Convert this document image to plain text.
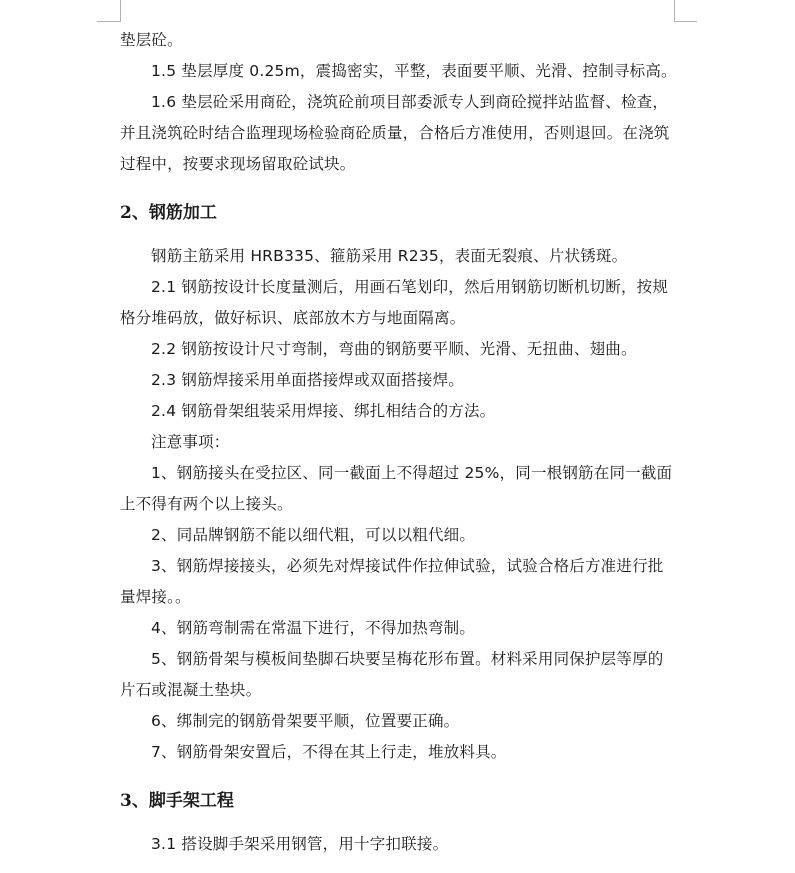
垫层砼。
1.5 垫层厚度 0.25m，震捣密实，平整，表面要平顺、光滑、控制寻标高。
1.6 垫层砼采用商砼，浇筑砼前项目部委派专人到商砼搅拌站监督、检查，
并且浇筑砼时结合监理现场检验商砼质量，合格后方准使用，否则退回。在浇筑
过程中，按要求现场留取砼试块。
2、钢筋加工
钢筋主筋采用 HRB335、箍筋采用 R235，表面无裂痕、片状锈斑。
2.1 钢筋按设计长度量测后，用画石笔划印，然后用钢筋切断机切断，按规
格分堆码放，做好标识、底部放木方与地面隔离。
2.2 钢筋按设计尺寸弯制，弯曲的钢筋要平顺、光滑、无扭曲、翅曲。
2.3 钢筋焊接采用单面搭接焊或双面搭接焊。
2.4 钢筋骨架组装采用焊接、绑扎相结合的方法。
注意事项：
1、钢筋接头在受拉区、同一截面上不得超过 25%，同一根钢筋在同一截面
上不得有两个以上接头。
2、同品牌钢筋不能以细代粗，可以以粗代细。
3、钢筋焊接接头，必须先对焊接试件作拉伸试验，试验合格后方准进行批
量焊接。。
4、钢筋弯制需在常温下进行，不得加热弯制。
5、钢筋骨架与模板间垫脚石块要呈梅花形布置。材料采用同保护层等厚的
片石或混凝土垫块。
6、绑制完的钢筋骨架要平顺，位置要正确。
7、钢筋骨架安置后，不得在其上行走，堆放料具。
3、脚手架工程
3.1 搭设脚手架采用钢管，用十字扣联接。
